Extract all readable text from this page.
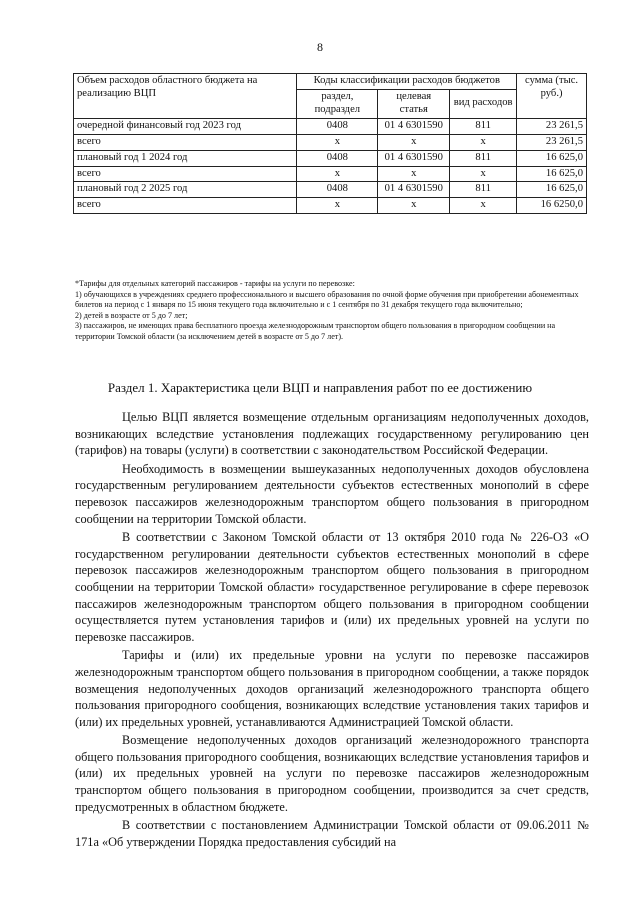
8
Объем расходов областного бюджета на реализацию ВЦП	Коды классификации расходов бюджетов			сумма (тыс. руб.)
	раздел, подраздел	целевая статья	вид расходов	
очередной финансовый год 2023 год	0408	01 4 6301590	811	23 261,5
всего	х	х	х	23 261,5
плановый год 1 2024 год	0408	01 4 6301590	811	16 625,0
всего	х	х	х	16 625,0
плановый год 2 2025 год	0408	01 4 6301590	811	16 625,0
всего	х	х	х	16 6250,0
*Тарифы для отдельных категорий пассажиров - тарифы на услуги по перевозке:
1) обучающихся в учреждениях среднего профессионального и высшего образования по очной форме обучения при приобретении абонементных билетов на период с 1 января по 15 июня текущего года включительно и с 1 сентября по 31 декабря текущего года включительно;
2) детей в возрасте от 5 до 7 лет;
3) пассажиров, не имеющих права бесплатного проезда железнодорожным транспортом общего пользования в пригородном сообщении на территории Томской области (за исключением детей в возрасте от 5 до 7 лет).
Раздел 1. Характеристика цели ВЦП и направления работ по ее достижению

Целью ВЦП является возмещение отдельным организациям недополученных доходов, возникающих вследствие установления подлежащих государственному регулированию цен (тарифов) на товары (услуги) в соответствии с законодательством Российской Федерации.

Необходимость в возмещении вышеуказанных недополученных доходов обусловлена государственным регулированием деятельности субъектов естественных монополий в сфере перевозок пассажиров железнодорожным транспортом общего пользования в пригородном сообщении на территории Томской области.

В соответствии с Законом Томской области от 13 октября 2010 года № 226-ОЗ «О государственном регулировании деятельности субъектов естественных монополий в сфере перевозок пассажиров железнодорожным транспортом общего пользования в пригородном сообщении на территории Томской области» государственное регулирование в сфере перевозок пассажиров железнодорожным транспортом общего пользования в пригородном сообщении осуществляется путем установления тарифов и (или) их предельных уровней на услуги по перевозке пассажиров.

Тарифы и (или) их предельные уровни на услуги по перевозке пассажиров железнодорожным транспортом общего пользования в пригородном сообщении, а также порядок возмещения недополученных доходов организаций железнодорожного транспорта общего пользования пригородного сообщения, возникающих вследствие установления таких тарифов и (или) их предельных уровней, устанавливаются Администрацией Томской области.

Возмещение недополученных доходов организаций железнодорожного транспорта общего пользования пригородного сообщения, возникающих вследствие установления тарифов и (или) их предельных уровней на услуги по перевозке пассажиров железнодорожным транспортом общего пользования в пригородном сообщении, производится за счет средств, предусмотренных в областном бюджете.

В соответствии с постановлением Администрации Томской области от 09.06.2011 № 171а «Об утверждении Порядка предоставления субсидий на
